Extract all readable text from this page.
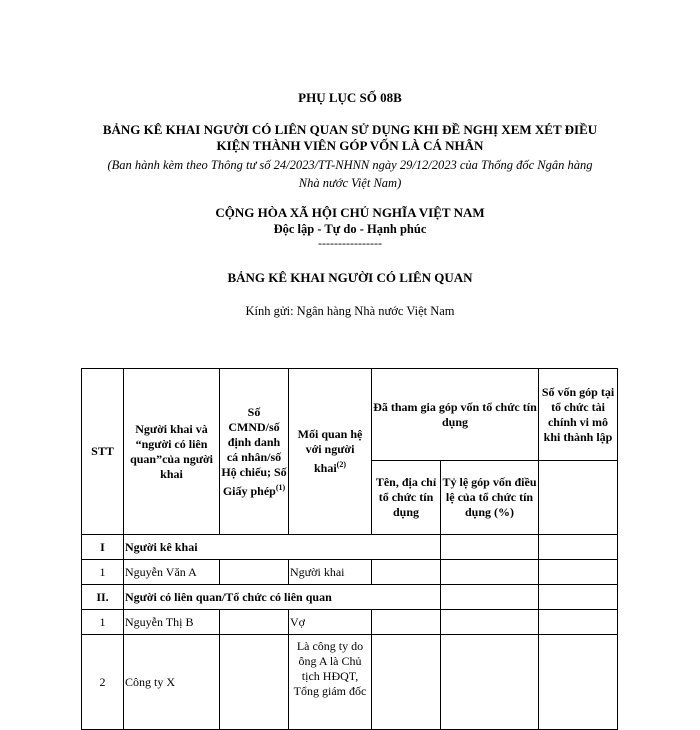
PHỤ LỤC SỐ 08B
BẢNG KÊ KHAI NGƯỜI CÓ LIÊN QUAN SỬ DỤNG KHI ĐỀ NGHỊ XEM XÉT ĐIỀU
KIỆN THÀNH VIÊN GÓP VỐN LÀ CÁ NHÂN
(Ban hành kèm theo Thông tư số 24/2023/TT-NHNN ngày 29/12/2023 của Thống đốc Ngân hàng
Nhà nước Việt Nam)
CỘNG HÒA XÃ HỘI CHỦ NGHĨA VIỆT NAM
Độc lập - Tự do - Hạnh phúc
----------------
BẢNG KÊ KHAI NGƯỜI CÓ LIÊN QUAN
Kính gửi: Ngân hàng Nhà nước Việt Nam
STT	Người khai và “người có liên quan”của người khai	Số CMND/số định danh cá nhân/số Hộ chiếu; Số Giấy phép$^{(1)}$	Mối quan hệ với người khai$^{(2)}$	Đã tham gia góp vốn tổ chức tín dụng		Số vốn góp tại tổ chức tài chính vi mô khi thành lập
				Tên, địa chỉ tổ chức tín dụng	Tỷ lệ góp vốn điều lệ của tổ chức tín dụng (%)	
I	Người kê khai					
1	Nguyễn Văn A		Người khai			
II.	Người có liên quan/Tổ chức có liên quan					
1	Nguyễn Thị B		Vợ			
2	Công ty X		Là công ty do ông A là Chủ tịch HĐQT, Tổng giám đốc			
